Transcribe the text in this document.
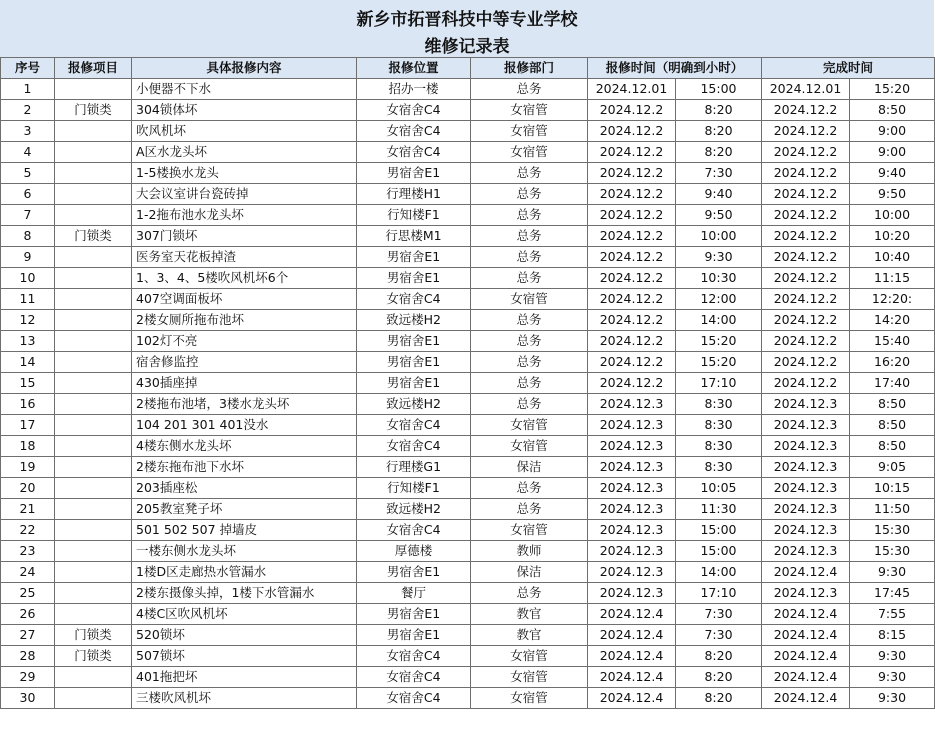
新乡市拓晋科技中等专业学校
维修记录表
序号	报修项目	具体报修内容	报修位置	报修部门	报修时间（明确到小时）		完成时间	
1		小便器不下水	招办一楼	总务	2024.12.01	15:00	2024.12.01	15:20
2	门锁类	304锁体坏	女宿舍C4	女宿管	2024.12.2	8:20	2024.12.2	8:50
3		吹风机坏	女宿舍C4	女宿管	2024.12.2	8:20	2024.12.2	9:00
4		A区水龙头坏	女宿舍C4	女宿管	2024.12.2	8:20	2024.12.2	9:00
5		1-5楼换水龙头	男宿舍E1	总务	2024.12.2	7:30	2024.12.2	9:40
6		大会议室讲台瓷砖掉	行理楼H1	总务	2024.12.2	9:40	2024.12.2	9:50
7		1-2拖布池水龙头坏	行知楼F1	总务	2024.12.2	9:50	2024.12.2	10:00
8	门锁类	307门锁坏	行思楼M1	总务	2024.12.2	10:00	2024.12.2	10:20
9		医务室天花板掉渣	男宿舍E1	总务	2024.12.2	9:30	2024.12.2	10:40
10		1、3、4、5楼吹风机坏6个	男宿舍E1	总务	2024.12.2	10:30	2024.12.2	11:15
11		407空调面板坏	女宿舍C4	女宿管	2024.12.2	12:00	2024.12.2	12:20:
12		2楼女厕所拖布池坏	致远楼H2	总务	2024.12.2	14:00	2024.12.2	14:20
13		102灯不亮	男宿舍E1	总务	2024.12.2	15:20	2024.12.2	15:40
14		宿舍修监控	男宿舍E1	总务	2024.12.2	15:20	2024.12.2	16:20
15		430插座掉	男宿舍E1	总务	2024.12.2	17:10	2024.12.2	17:40
16		2楼拖布池堵，3楼水龙头坏	致远楼H2	总务	2024.12.3	8:30	2024.12.3	8:50
17		104 201 301 401没水	女宿舍C4	女宿管	2024.12.3	8:30	2024.12.3	8:50
18		4楼东侧水龙头坏	女宿舍C4	女宿管	2024.12.3	8:30	2024.12.3	8:50
19		2楼东拖布池下水坏	行理楼G1	保洁	2024.12.3	8:30	2024.12.3	9:05
20		203插座松	行知楼F1	总务	2024.12.3	10:05	2024.12.3	10:15
21		205教室凳子坏	致远楼H2	总务	2024.12.3	11:30	2024.12.3	11:50
22		501 502 507 掉墙皮	女宿舍C4	女宿管	2024.12.3	15:00	2024.12.3	15:30
23		一楼东侧水龙头坏	厚德楼	教师	2024.12.3	15:00	2024.12.3	15:30
24		1楼D区走廊热水管漏水	男宿舍E1	保洁	2024.12.3	14:00	2024.12.4	9:30
25		2楼东摄像头掉，1楼下水管漏水	餐厅	总务	2024.12.3	17:10	2024.12.3	17:45
26		4楼C区吹风机坏	男宿舍E1	教官	2024.12.4	7:30	2024.12.4	7:55
27	门锁类	520锁坏	男宿舍E1	教官	2024.12.4	7:30	2024.12.4	8:15
28	门锁类	507锁坏	女宿舍C4	女宿管	2024.12.4	8:20	2024.12.4	9:30
29		401拖把坏	女宿舍C4	女宿管	2024.12.4	8:20	2024.12.4	9:30
30		三楼吹风机坏	女宿舍C4	女宿管	2024.12.4	8:20	2024.12.4	9:30
